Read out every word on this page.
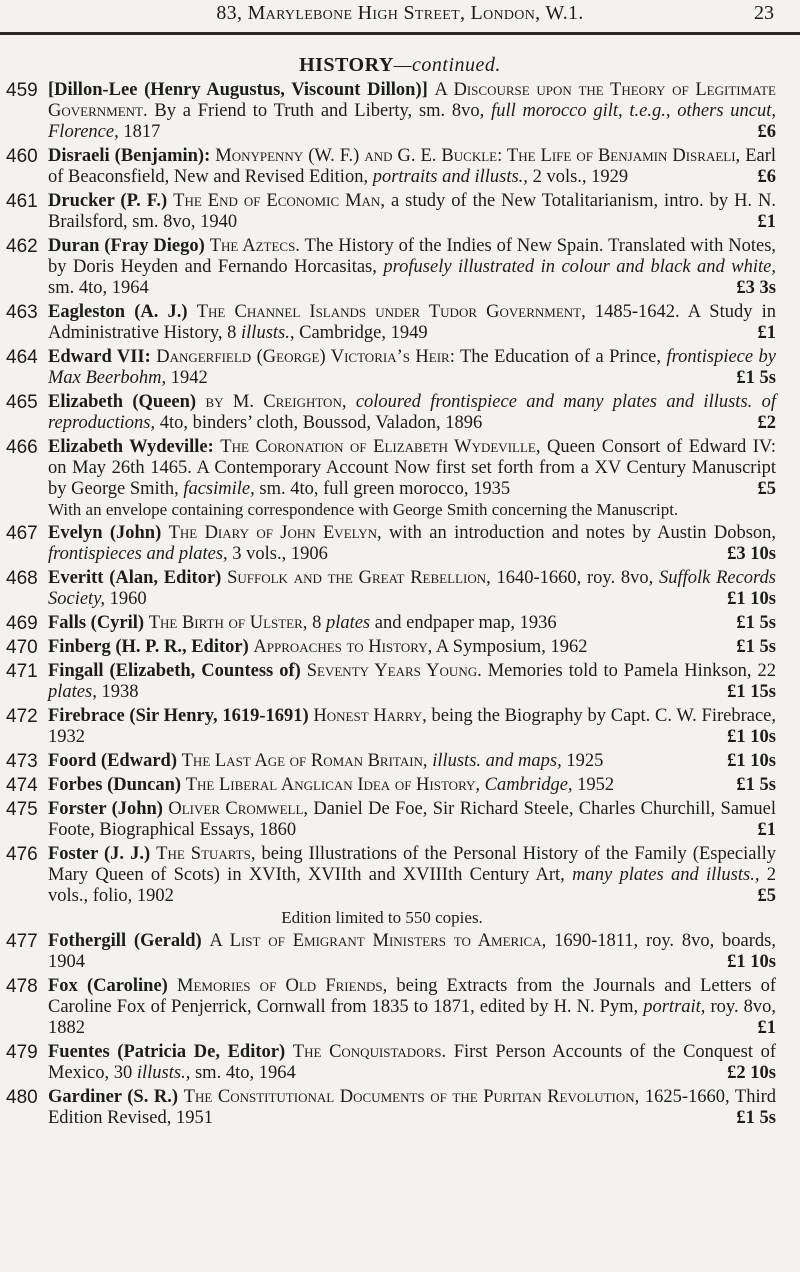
83, Marylebone High Street, London, W.1.	23
HISTORY—continued.
459 [Dillon-Lee (Henry Augustus, Viscount Dillon)] A Discourse upon the Theory of Legitimate Government. By a Friend to Truth and Liberty, sm. 8vo, full morocco gilt, t.e.g., others uncut, Florence, 1817	£6
460 Disraeli (Benjamin): Monypenny (W. F.) and G. E. Buckle: The Life of Benjamin Disraeli, Earl of Beaconsfield, New and Revised Edition, portraits and illusts., 2 vols., 1929	£6
461 Drucker (P. F.) The End of Economic Man, a study of the New Totalitarianism, intro. by H. N. Brailsford, sm. 8vo, 1940	£1
462 Duran (Fray Diego) The Aztecs. The History of the Indies of New Spain. Translated with Notes, by Doris Heyden and Fernando Horcasitas, profusely illustrated in colour and black and white, sm. 4to, 1964	£3 3s
463 Eagleston (A. J.) The Channel Islands under Tudor Government, 1485-1642. A Study in Administrative History, 8 illusts., Cambridge, 1949	£1
464 Edward VII: Dangerfield (George) Victoria’s Heir: The Education of a Prince, frontispiece by Max Beerbohm, 1942	£1 5s
465 Elizabeth (Queen) by M. Creighton, coloured frontispiece and many plates and illusts. of reproductions, 4to, binders’ cloth, Boussod, Valadon, 1896	£2
466 Elizabeth Wydeville: The Coronation of Elizabeth Wydeville, Queen Consort of Edward IV: on May 26th 1465. A Contemporary Account Now first set forth from a XV Century Manuscript by George Smith, facsimile, sm. 4to, full green morocco, 1935	£5
With an envelope containing correspondence with George Smith concerning the Manuscript.
467 Evelyn (John) The Diary of John Evelyn, with an introduction and notes by Austin Dobson, frontispieces and plates, 3 vols., 1906	£3 10s
468 Everitt (Alan, Editor) Suffolk and the Great Rebellion, 1640-1660, roy. 8vo, Suffolk Records Society, 1960	£1 10s
469 Falls (Cyril) The Birth of Ulster, 8 plates and endpaper map, 1936	£1 5s
470 Finberg (H. P. R., Editor) Approaches to History, A Symposium, 1962	£1 5s
471 Fingall (Elizabeth, Countess of) Seventy Years Young. Memories told to Pamela Hinkson, 22 plates, 1938	£1 15s
472 Firebrace (Sir Henry, 1619-1691) Honest Harry, being the Biography by Capt. C. W. Firebrace, 1932	£1 10s
473 Foord (Edward) The Last Age of Roman Britain, illusts. and maps, 1925	£1 10s
474 Forbes (Duncan) The Liberal Anglican Idea of History, Cambridge, 1952	£1 5s
475 Forster (John) Oliver Cromwell, Daniel De Foe, Sir Richard Steele, Charles Churchill, Samuel Foote, Biographical Essays, 1860	£1
476 Foster (J. J.) The Stuarts, being Illustrations of the Personal History of the Family (Especially Mary Queen of Scots) in XVIth, XVIIth and XVIIIth Century Art, many plates and illusts., 2 vols., folio, 1902	£5
Edition limited to 550 copies.
477 Fothergill (Gerald) A List of Emigrant Ministers to America, 1690-1811, roy. 8vo, boards, 1904	£1 10s
478 Fox (Caroline) Memories of Old Friends, being Extracts from the Journals and Letters of Caroline Fox of Penjerrick, Cornwall from 1835 to 1871, edited by H. N. Pym, portrait, roy. 8vo, 1882	£1
479 Fuentes (Patricia De, Editor) The Conquistadors. First Person Accounts of the Conquest of Mexico, 30 illusts., sm. 4to, 1964	£2 10s
480 Gardiner (S. R.) The Constitutional Documents of the Puritan Revolution, 1625-1660, Third Edition Revised, 1951	£1 5s
